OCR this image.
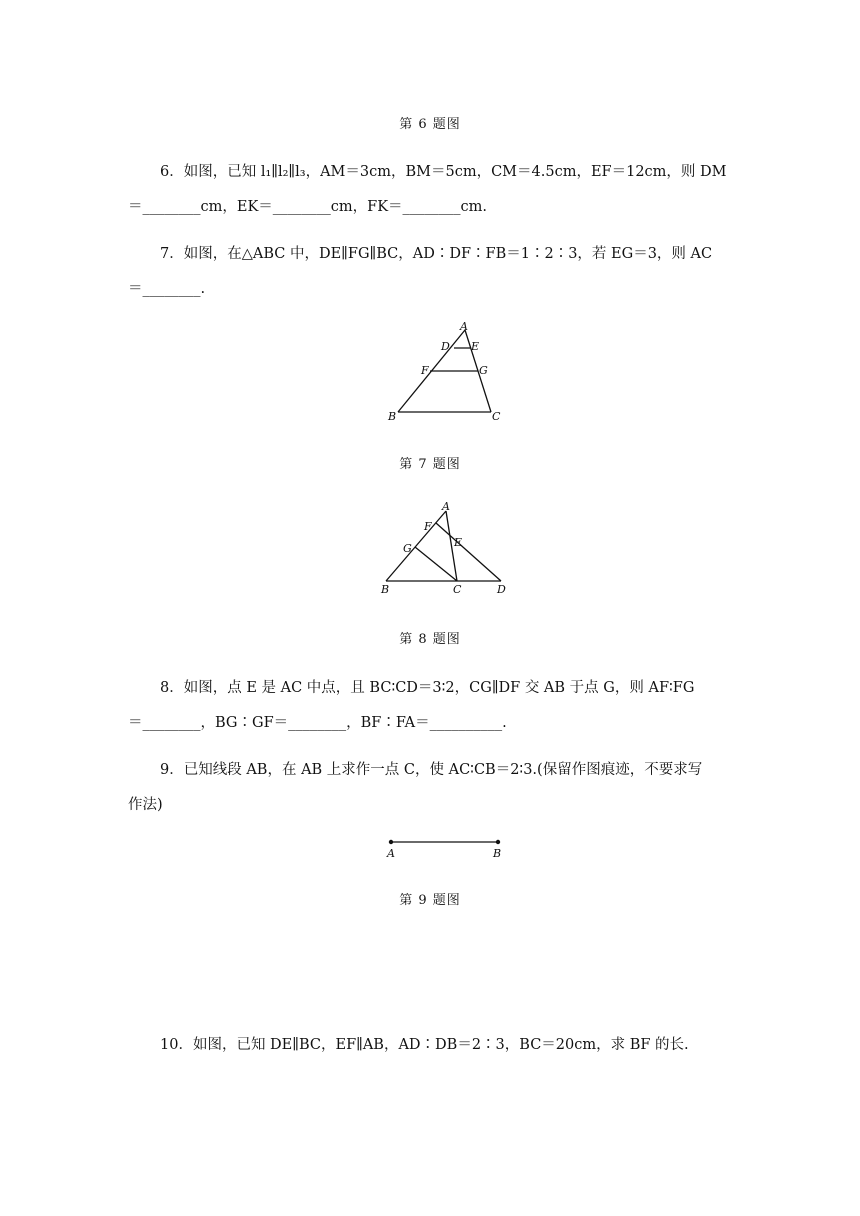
第 6 题图
6．如图，已知 l₁∥l₂∥l₃，AM＝3cm，BM＝5cm，CM＝4.5cm，EF＝12cm，则 DM
＝________cm，EK＝________cm，FK＝________cm.
7．如图，在△ABC 中，DE∥FG∥BC，AD∶DF∶FB＝1∶2∶3，若 EG＝3，则 AC
＝________.
A
D E
F	G
B	C
第 7 题图
A
F
E
G
B	C	D
第 8 题图
8．如图，点 E 是 AC 中点，且 BC∶CD＝3∶2，CG∥DF 交 AB 于点 G，则 AF∶FG
＝________，BG∶GF＝________，BF∶FA＝__________.
9．已知线段 AB，在 AB 上求作一点 C，使 AC∶CB＝2∶3.(保留作图痕迹，不要求写
作法)
A	B
第 9 题图
10．如图，已知 DE∥BC，EF∥AB，AD∶DB＝2∶3，BC＝20cm，求 BF 的长.
